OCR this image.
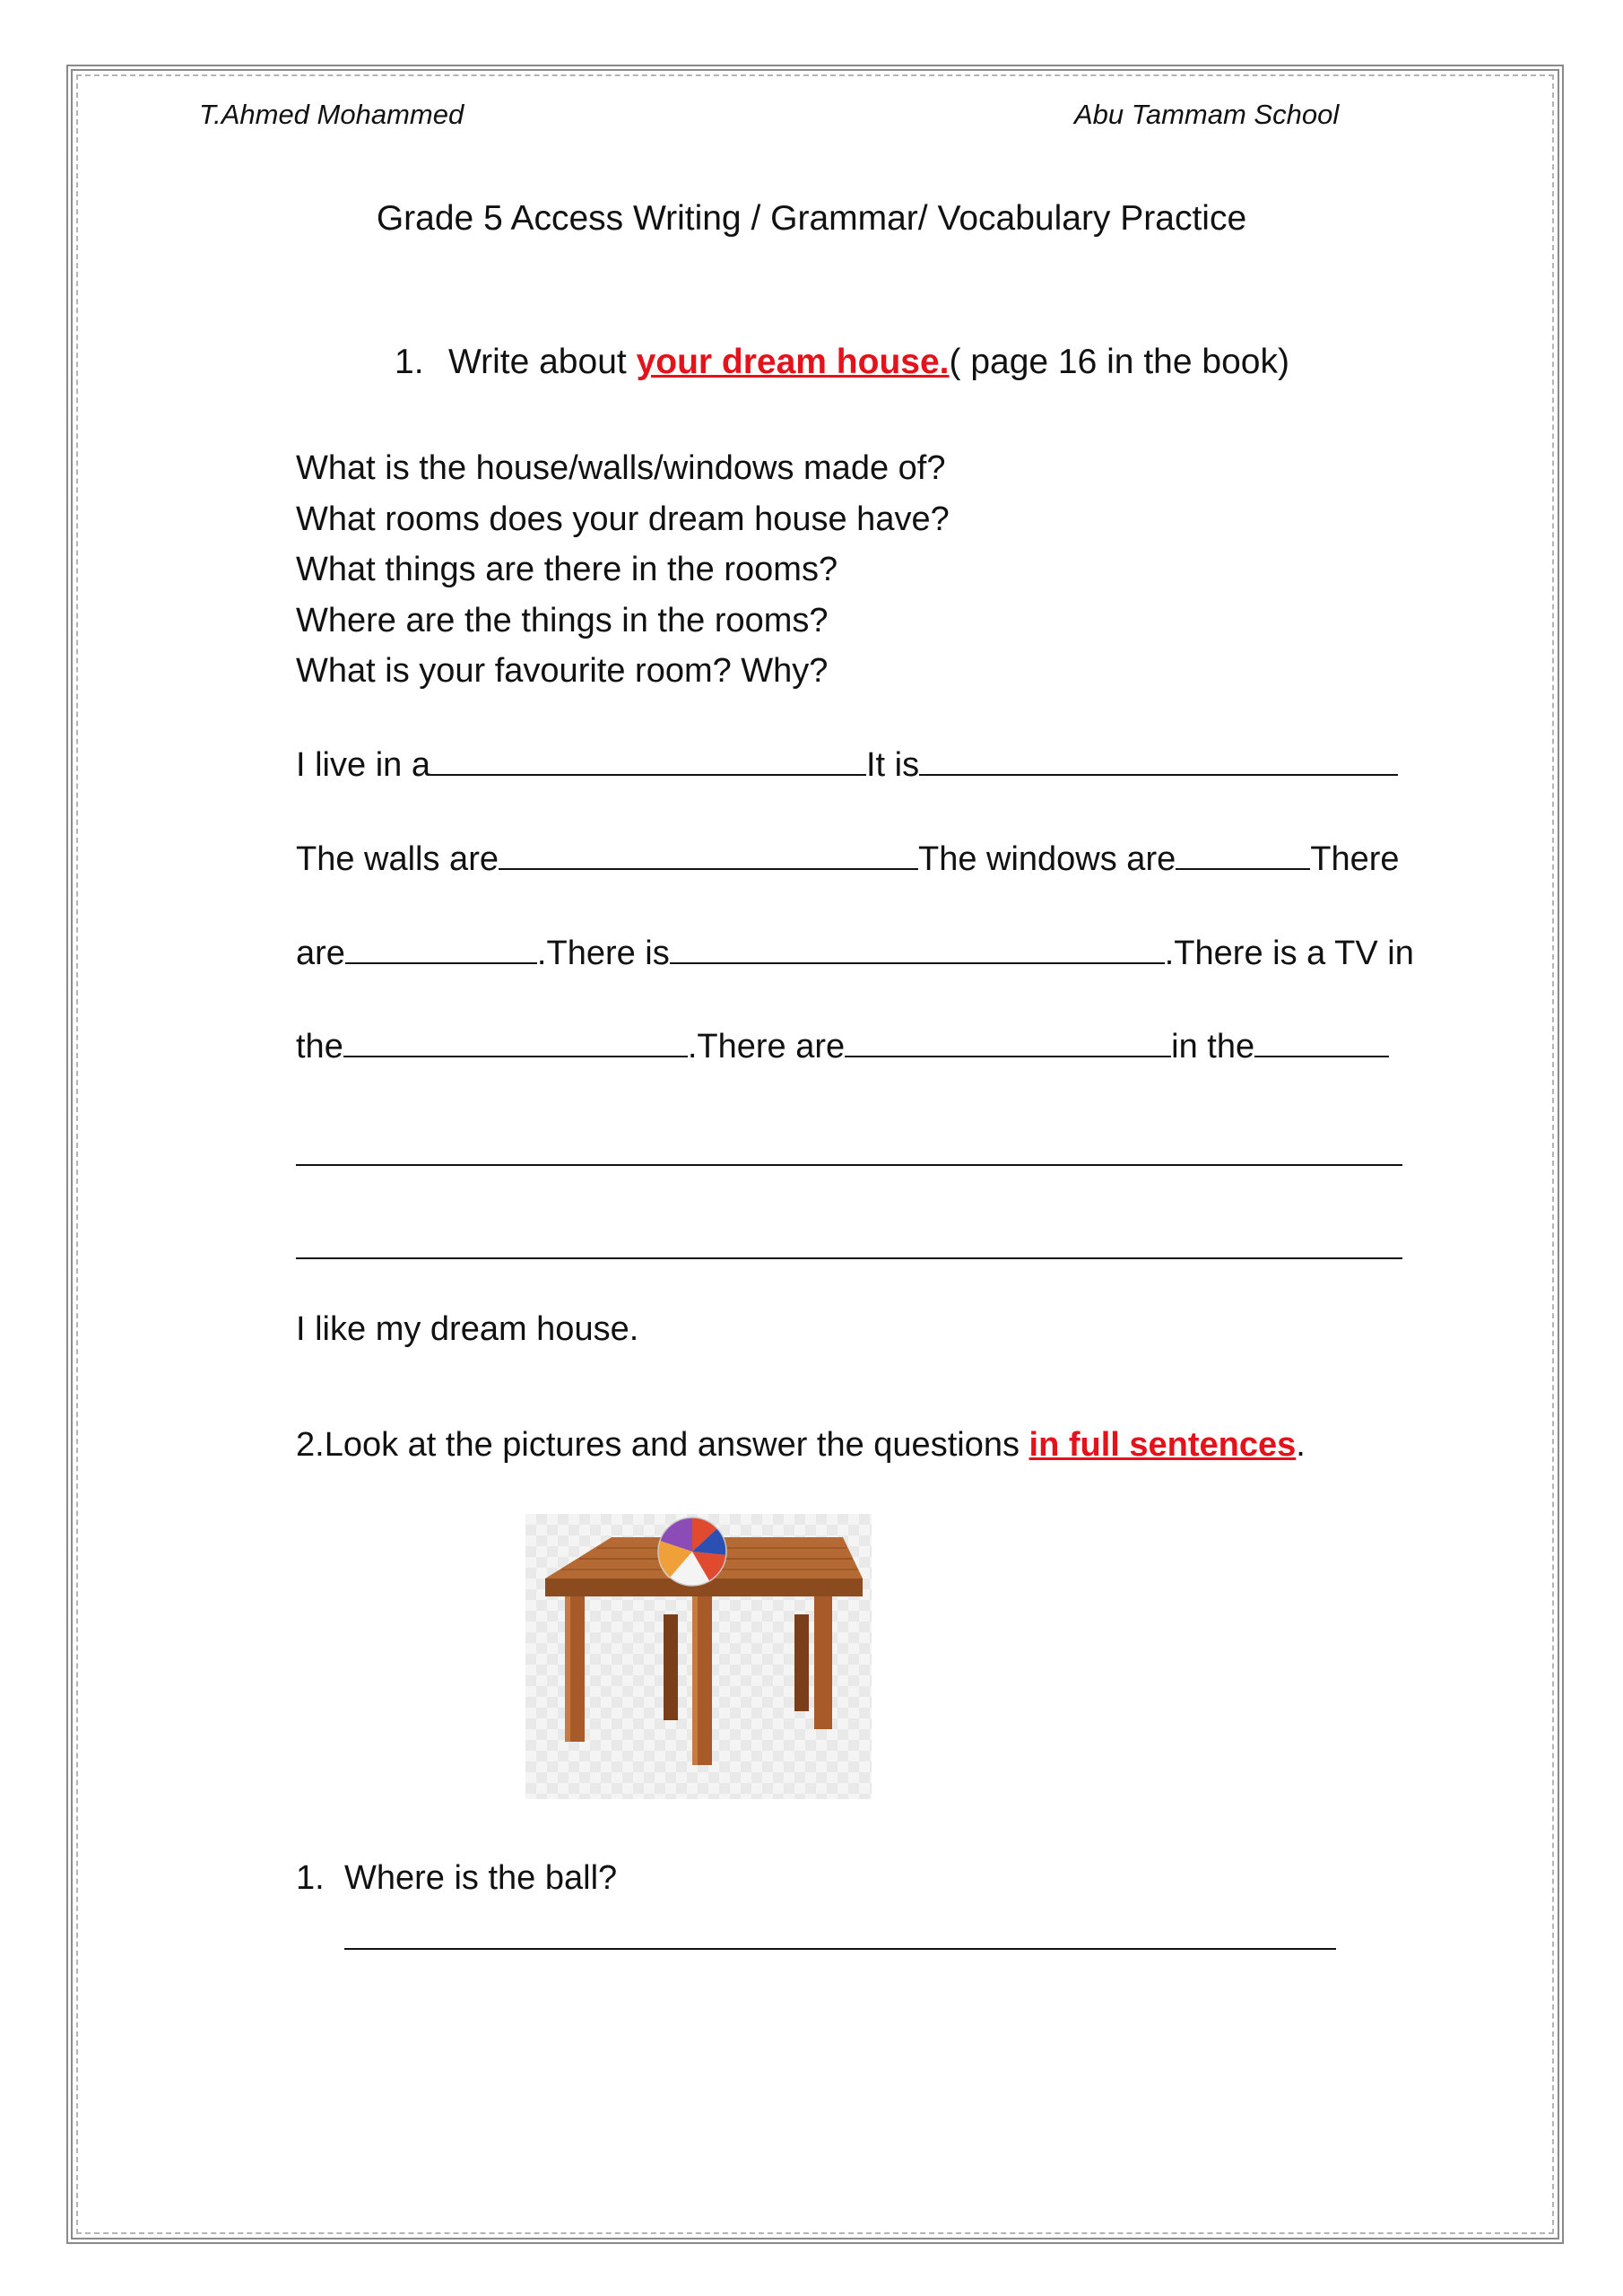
T.Ahmed Mohammed	Abu Tammam School
Grade 5 Access Writing / Grammar/ Vocabulary Practice
1. Write about your dream house.( page 16 in the book)
What is the house/walls/windows made of?
What rooms does your dream house have?
What things are there in the rooms?
Where are the things in the rooms?
What is your favourite room? Why?
I live in a	It is
The walls are	The windows are	There
are	.There is	.There is a TV in
the	.There are	in the
I like my dream house.
2.Look at the pictures and answer the questions in full sentences.
1. Where is the ball?
